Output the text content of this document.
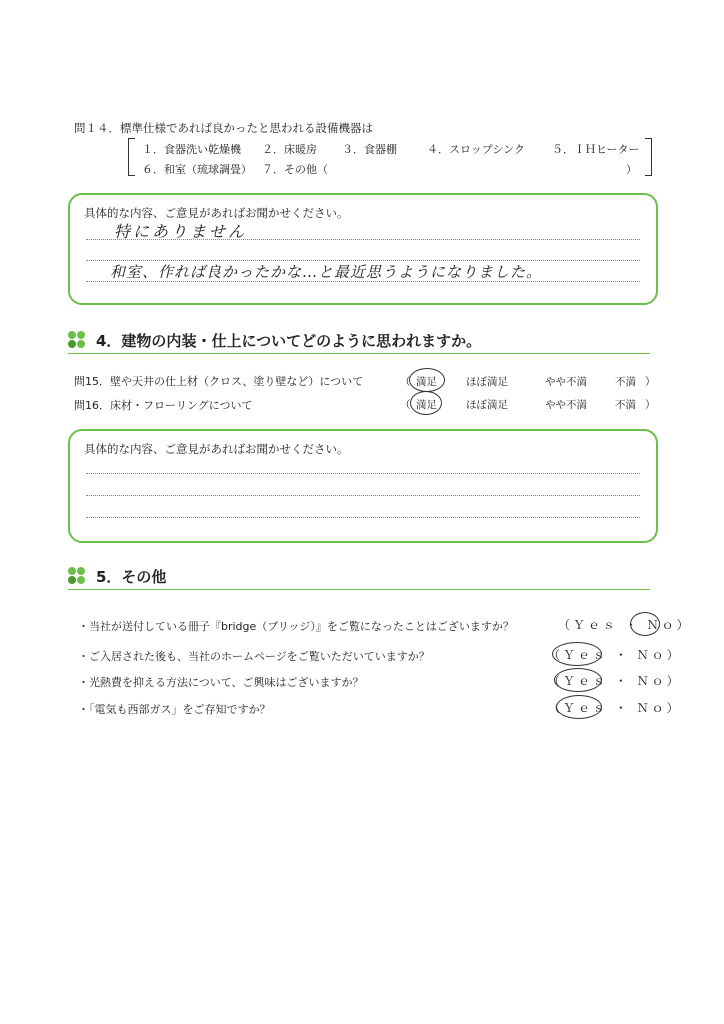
問１４．標準仕様であれば良かったと思われる設備機器は
１．食器洗い乾燥機 ２．床暖房 ３．食器棚	４．スロップシンク ５．ＩＨヒーター
６．和室（琉球調畳） ７．その他（	）
具体的な内容、ご意見があればお聞かせください。
特にありません
和室、作れば良かったかな…と最近思うようになりました。
4．建物の内装・仕上についてどのように思われますか。
問15．壁や天井の仕上材（クロス、塗り壁など）について	（ 満足	ほぼ満足	やや不満	不満 ）
問16．床材・フローリングについて	（ 満足	ほぼ満足	やや不満	不満 ）
具体的な内容、ご意見があればお聞かせください。
5．その他
・当社が送付している冊子『bridge（ブリッジ）』をご覧になったことはございますか？	（Ｙｅｓ ・ Ｎｏ）
・ご入居された後も、当社のホームページをご覧いただいていますか？	（Ｙｅｓ ・ Ｎｏ）
・光熱費を抑える方法について、ご興味はございますか？	（Ｙｅｓ ・ Ｎｏ）
・「電気も西部ガス」をご存知ですか？	（Ｙｅｓ ・ Ｎｏ）
